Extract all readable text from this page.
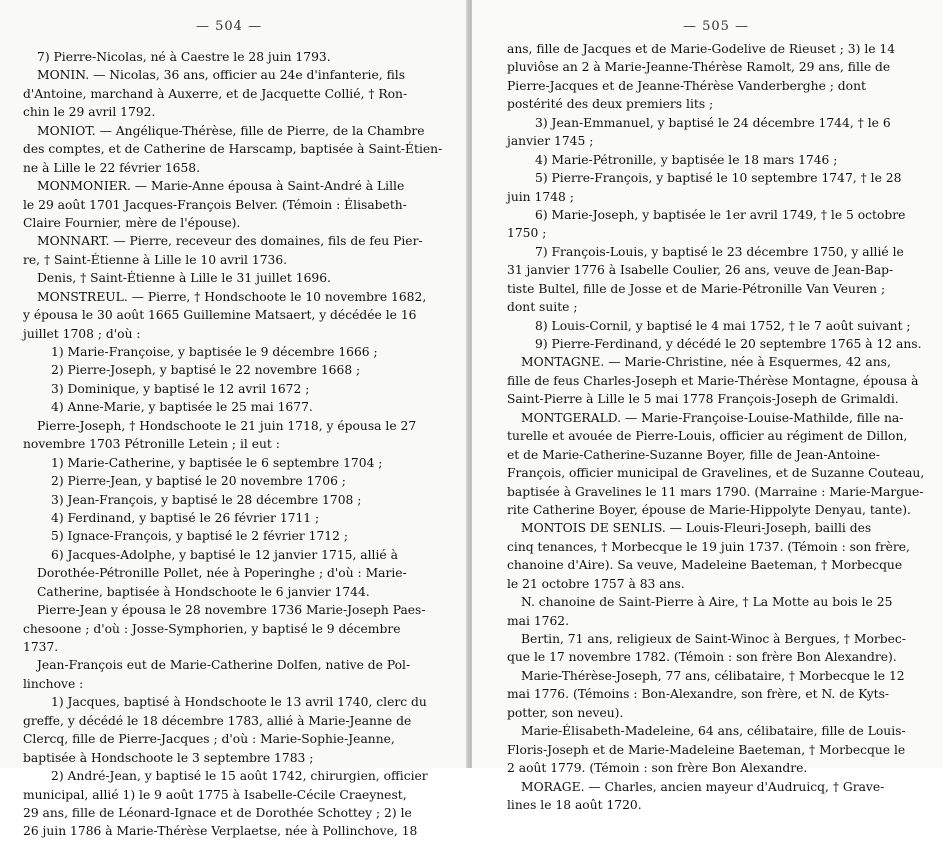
— 504 —
7) Pierre-Nicolas, né à Caestre le 28 juin 1793.
MONIN. — Nicolas, 36 ans, officier au 24e d'infanterie, fils
d'Antoine, marchand à Auxerre, et de Jacquette Collié, † Ron-
chin le 29 avril 1792.
MONIOT. — Angélique-Thérèse, fille de Pierre, de la Chambre
des comptes, et de Catherine de Harscamp, baptisée à Saint-Étien-
ne à Lille le 22 février 1658.
MONMONIER. — Marie-Anne épousa à Saint-André à Lille
le 29 août 1701 Jacques-François Belver. (Témoin : Élisabeth-
Claire Fournier, mère de l'épouse).
MONNART. — Pierre, receveur des domaines, fils de feu Pier-
re, † Saint-Étienne à Lille le 10 avril 1736.
Denis, † Saint-Étienne à Lille le 31 juillet 1696.
MONSTREUL. — Pierre, † Hondschoote le 10 novembre 1682,
y épousa le 30 août 1665 Guillemine Matsaert, y décédée le 16
juillet 1708 ; d'où :
1) Marie-Françoise, y baptisée le 9 décembre 1666 ;
2) Pierre-Joseph, y baptisé le 22 novembre 1668 ;
3) Dominique, y baptisé le 12 avril 1672 ;
4) Anne-Marie, y baptisée le 25 mai 1677.
Pierre-Joseph, † Hondschoote le 21 juin 1718, y épousa le 27
novembre 1703 Pétronille Letein ; il eut :
1) Marie-Catherine, y baptisée le 6 septembre 1704 ;
2) Pierre-Jean, y baptisé le 20 novembre 1706 ;
3) Jean-François, y baptisé le 28 décembre 1708 ;
4) Ferdinand, y baptisé le 26 février 1711 ;
5) Ignace-François, y baptisé le 2 février 1712 ;
6) Jacques-Adolphe, y baptisé le 12 janvier 1715, allié à
Dorothée-Pétronille Pollet, née à Poperinghe ; d'où : Marie-
Catherine, baptisée à Hondschoote le 6 janvier 1744.
Pierre-Jean y épousa le 28 novembre 1736 Marie-Joseph Paes-
chesoone ; d'où : Josse-Symphorien, y baptisé le 9 décembre
1737.
Jean-François eut de Marie-Catherine Dolfen, native de Pol-
linchove :
1) Jacques, baptisé à Hondschoote le 13 avril 1740, clerc du
greffe, y décédé le 18 décembre 1783, allié à Marie-Jeanne de
Clercq, fille de Pierre-Jacques ; d'où : Marie-Sophie-Jeanne,
baptisée à Hondschoote le 3 septembre 1783 ;
2) André-Jean, y baptisé le 15 août 1742, chirurgien, officier
municipal, allié 1) le 9 août 1775 à Isabelle-Cécile Craeynest,
29 ans, fille de Léonard-Ignace et de Dorothée Schottey ; 2) le
26 juin 1786 à Marie-Thérèse Verplaetse, née à Pollinchove, 18
— 505 —
ans, fille de Jacques et de Marie-Godelive de Rieuset ; 3) le 14
pluviôse an 2 à Marie-Jeanne-Thérèse Ramolt, 29 ans, fille de
Pierre-Jacques et de Jeanne-Thérèse Vanderberghe ; dont
postérité des deux premiers lits ;
3) Jean-Emmanuel, y baptisé le 24 décembre 1744, † le 6
janvier 1745 ;
4) Marie-Pétronille, y baptisée le 18 mars 1746 ;
5) Pierre-François, y baptisé le 10 septembre 1747, † le 28
juin 1748 ;
6) Marie-Joseph, y baptisée le 1er avril 1749, † le 5 octobre
1750 ;
7) François-Louis, y baptisé le 23 décembre 1750, y allié le
31 janvier 1776 à Isabelle Coulier, 26 ans, veuve de Jean-Bap-
tiste Bultel, fille de Josse et de Marie-Pétronille Van Veuren ;
dont suite ;
8) Louis-Cornil, y baptisé le 4 mai 1752, † le 7 août suivant ;
9) Pierre-Ferdinand, y décédé le 20 septembre 1765 à 12 ans.
MONTAGNE. — Marie-Christine, née à Esquermes, 42 ans,
fille de feus Charles-Joseph et Marie-Thérèse Montagne, épousa à
Saint-Pierre à Lille le 5 mai 1778 François-Joseph de Grimaldi.
MONTGERALD. — Marie-Françoise-Louise-Mathilde, fille na-
turelle et avouée de Pierre-Louis, officier au régiment de Dillon,
et de Marie-Catherine-Suzanne Boyer, fille de Jean-Antoine-
François, officier municipal de Gravelines, et de Suzanne Couteau,
baptisée à Gravelines le 11 mars 1790. (Marraine : Marie-Margue-
rite Catherine Boyer, épouse de Marie-Hippolyte Denyau, tante).
MONTOIS DE SENLIS. — Louis-Fleuri-Joseph, bailli des
cinq tenances, † Morbecque le 19 juin 1737. (Témoin : son frère,
chanoine d'Aire). Sa veuve, Madeleine Baeteman, † Morbecque
le 21 octobre 1757 à 83 ans.
N. chanoine de Saint-Pierre à Aire, † La Motte au bois le 25
mai 1762.
Bertin, 71 ans, religieux de Saint-Winoc à Bergues, † Morbec-
que le 17 novembre 1782. (Témoin : son frère Bon Alexandre).
Marie-Thérèse-Joseph, 77 ans, célibataire, † Morbecque le 12
mai 1776. (Témoins : Bon-Alexandre, son frère, et N. de Kyts-
potter, son neveu).
Marie-Élisabeth-Madeleine, 64 ans, célibataire, fille de Louis-
Floris-Joseph et de Marie-Madeleine Baeteman, † Morbecque le
2 août 1779. (Témoin : son frère Bon Alexandre.
MORAGE. — Charles, ancien mayeur d'Audruicq, † Grave-
lines le 18 août 1720.
